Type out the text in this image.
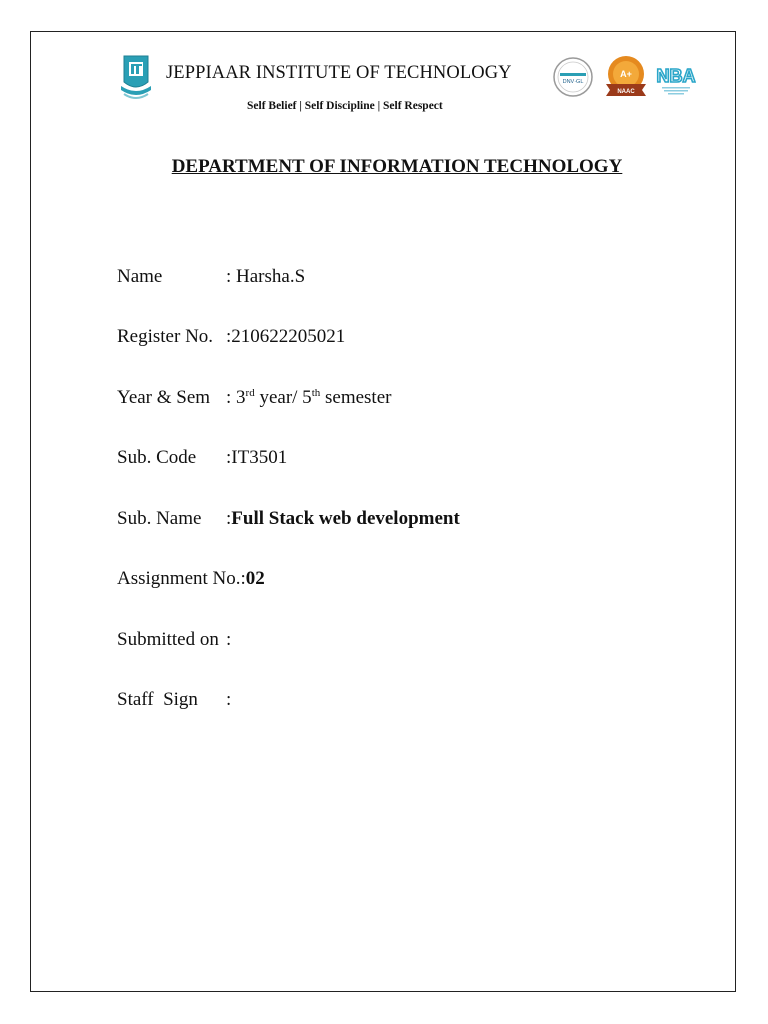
JEPPIAAR INSTITUTE OF TECHNOLOGY
Self Belief | Self Discipline | Self Respect
DNV·GL
A+
NAAC
NBA
DEPARTMENT OF INFORMATION TECHNOLOGY
Name	: Harsha.S
Register No. :210622205021
Year & Sem : 3rd year/ 5th semester
Sub. Code :IT3501
Sub. Name :Full Stack web development
Assignment No.:02
Submitted on :
Staff  Sign :
